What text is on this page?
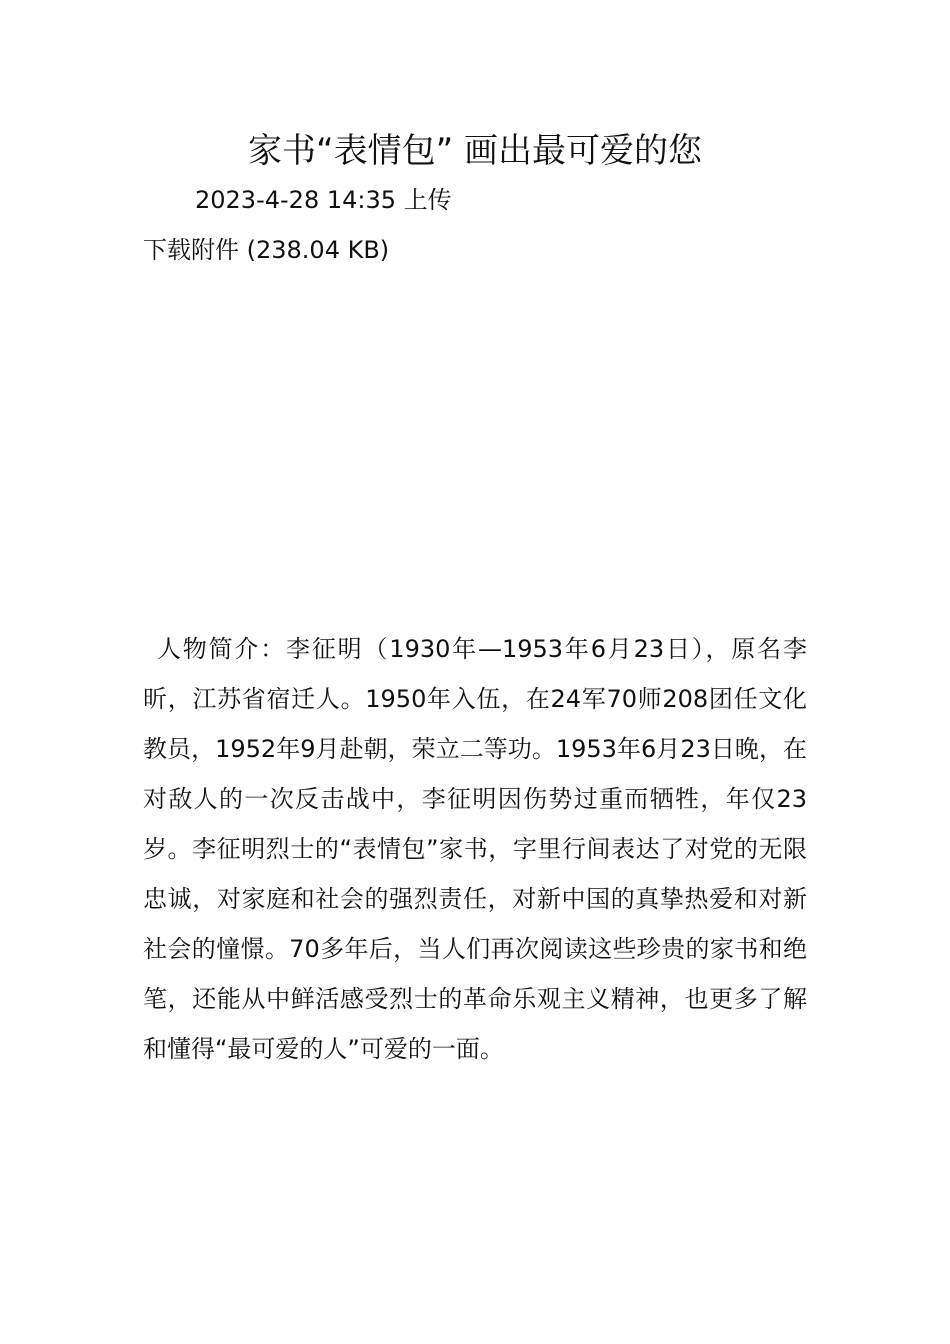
家书“表情包” 画出最可爱的您
2023-4-28 14:35 上传
下载附件 (238.04 KB)

人物简介：李征明（1930年—1953年6月23日），原名李昕，江苏省宿迁人。1950年入伍，在24军70师208团任文化教员，1952年9月赴朝，荣立二等功。1953年6月23日晚，在对敌人的一次反击战中，李征明因伤势过重而牺牲，年仅23岁。李征明烈士的“表情包”家书，字里行间表达了对党的无限忠诚，对家庭和社会的强烈责任，对新中国的真挚热爱和对新社会的憧憬。70多年后，当人们再次阅读这些珍贵的家书和绝笔，还能从中鲜活感受烈士的革命乐观主义精神，也更多了解和懂得“最可爱的人”可爱的一面。
